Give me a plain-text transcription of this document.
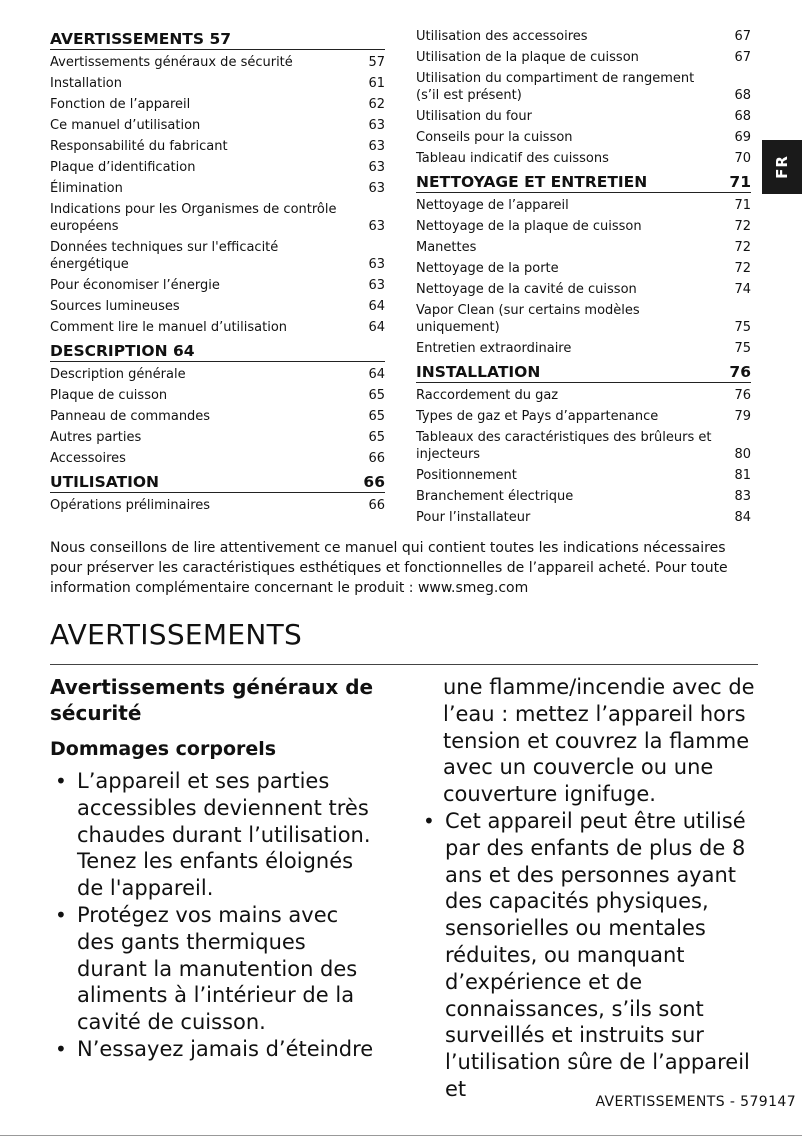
AVERTISSEMENTS 57
Avertissements généraux de sécurité	57
Installation	61
Fonction de l’appareil	62
Ce manuel d’utilisation	63
Responsabilité du fabricant	63
Plaque d’identification	63
Élimination	63
Indications pour les Organismes de contrôle européens	63
Données techniques sur l'efficacité énergétique	63
Pour économiser l’énergie	63
Sources lumineuses	64
Comment lire le manuel d’utilisation	64
DESCRIPTION 64
Description générale	64
Plaque de cuisson	65
Panneau de commandes	65
Autres parties	65
Accessoires	66
UTILISATION	66
Opérations préliminaires	66
Utilisation des accessoires	67
Utilisation de la plaque de cuisson	67
Utilisation du compartiment de rangement (s’il est présent)	68
Utilisation du four	68
Conseils pour la cuisson	69
Tableau indicatif des cuissons	70
NETTOYAGE ET ENTRETIEN	71
Nettoyage de l’appareil	71
Nettoyage de la plaque de cuisson	72
Manettes	72
Nettoyage de la porte	72
Nettoyage de la cavité de cuisson	74
Vapor Clean (sur certains modèles uniquement)	75
Entretien extraordinaire	75
INSTALLATION	76
Raccordement du gaz	76
Types de gaz et Pays d’appartenance	79
Tableaux des caractéristiques des brûleurs et injecteurs	80
Positionnement	81
Branchement électrique	83
Pour l’installateur	84
FR

Nous conseillons de lire attentivement ce manuel qui contient toutes les indications nécessaires pour préserver les caractéristiques esthétiques et fonctionnelles de l’appareil acheté. Pour toute information complémentaire concernant le produit : www.smeg.com

AVERTISSEMENTS
Avertissements généraux de sécurité
Dommages corporels
• L’appareil et ses parties accessibles deviennent très chaudes durant l’utilisation. Tenez les enfants éloignés de l'appareil.
• Protégez vos mains avec des gants thermiques durant la manutention des aliments à l’intérieur de la cavité de cuisson.
• N’essayez jamais d’éteindre

une flamme/incendie avec de l’eau : mettez l’appareil hors tension et couvrez la flamme avec un couvercle ou une couverture ignifuge.

• Cet appareil peut être utilisé par des enfants de plus de 8 ans et des personnes ayant des capacités physiques, sensorielles ou mentales réduites, ou manquant d’expérience et de connaissances, s’ils sont surveillés et instruits sur l’utilisation sûre de l’appareil et
AVERTISSEMENTS - 579147
